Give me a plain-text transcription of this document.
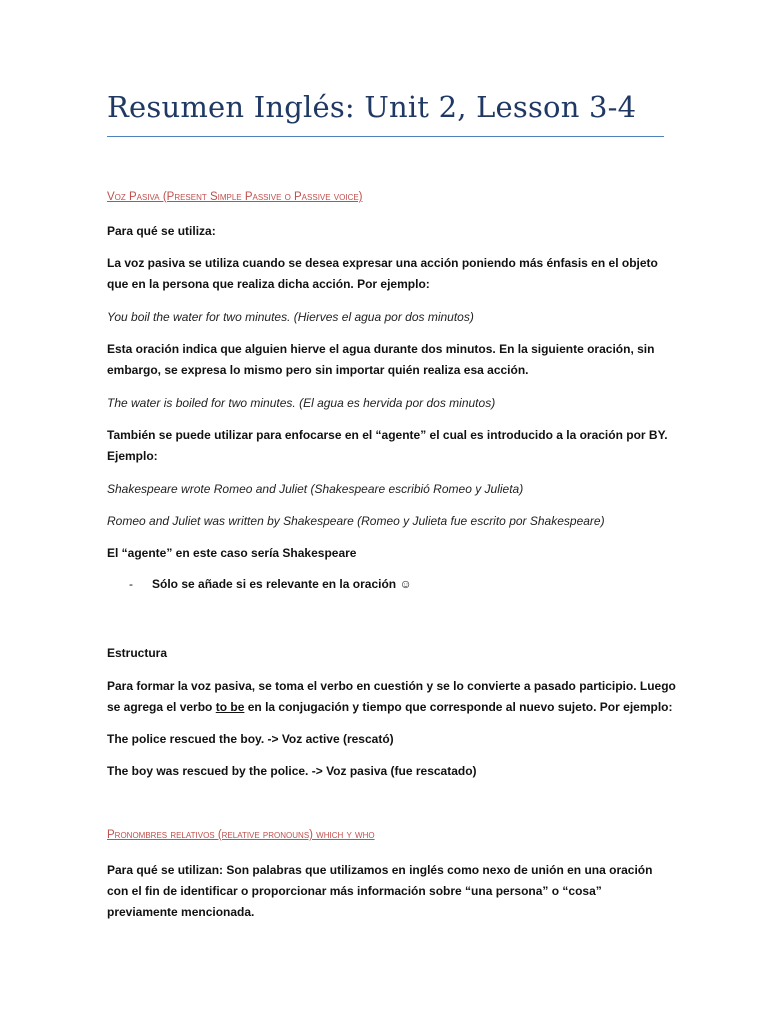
Resumen Inglés: Unit 2, Lesson 3-4
Voz Pasiva (Present Simple Passive o Passive voice)
Para qué se utiliza:
La voz pasiva se utiliza cuando se desea expresar una acción poniendo más énfasis en el objeto
que en la persona que realiza dicha acción. Por ejemplo:
You boil the water for two minutes. (Hierves el agua por dos minutos)
Esta oración indica que alguien hierve el agua durante dos minutos. En la siguiente oración, sin
embargo, se expresa lo mismo pero sin importar quién realiza esa acción.
The water is boiled for two minutes. (El agua es hervida por dos minutos)
También se puede utilizar para enfocarse en el “agente” el cual es introducido a la oración por BY.
Ejemplo:
Shakespeare wrote Romeo and Juliet (Shakespeare escribió Romeo y Julieta)
Romeo and Juliet was written by Shakespeare (Romeo y Julieta fue escrito por Shakespeare)
El “agente” en este caso sería Shakespeare
- Sólo se añade si es relevante en la oración ☺
Estructura
Para formar la voz pasiva, se toma el verbo en cuestión y se lo convierte a pasado participio. Luego
se agrega el verbo to be en la conjugación y tiempo que corresponde al nuevo sujeto. Por ejemplo:
The police rescued the boy. -> Voz active (rescató)
The boy was rescued by the police. -> Voz pasiva (fue rescatado)
Pronombres relativos (relative pronouns) which y who
Para qué se utilizan: Son palabras que utilizamos en inglés como nexo de unión en una oración
con el fin de identificar o proporcionar más información sobre “una persona” o “cosa”
previamente mencionada.
